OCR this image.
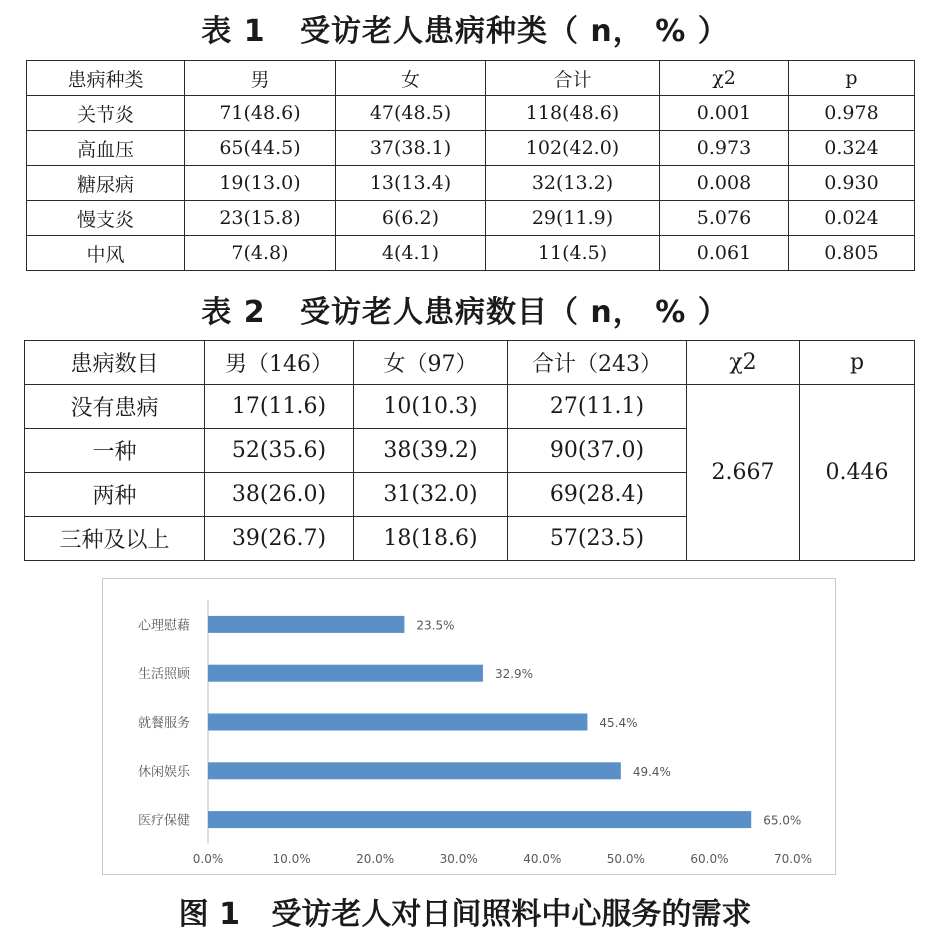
表 1   受访老人患病种类（ n， % ）
患病种类	男	女	合计	χ2	p
关节炎	71(48.6)	47(48.5)	118(48.6)	0.001	0.978
高血压	65(44.5)	37(38.1)	102(42.0)	0.973	0.324
糖尿病	19(13.0)	13(13.4)	32(13.2)	0.008	0.930
慢支炎	23(15.8)	6(6.2)	29(11.9)	5.076	0.024
中风	7(4.8)	4(4.1)	11(4.5)	0.061	0.805
表 2   受访老人患病数目（ n， % ）
患病数目	男（146）	女（97）	合计（243）	χ2	p
没有患病	17(11.6)	10(10.3)	27(11.1)	2.667	0.446
一种	52(35.6)	38(39.2)	90(37.0)		
两种	38(26.0)	31(32.0)	69(28.4)		
三种及以上	39(26.7)	18(18.6)	57(23.5)		
心理慰藉	23.5%
生活照顾	32.9%
就餐服务	45.4%
休闲娱乐	49.4%
医疗保健	65.0%
0.0%	10.0%	20.0%	30.0%	40.0%	50.0%	60.0%	70.0%
图 1   受访老人对日间照料中心服务的需求
